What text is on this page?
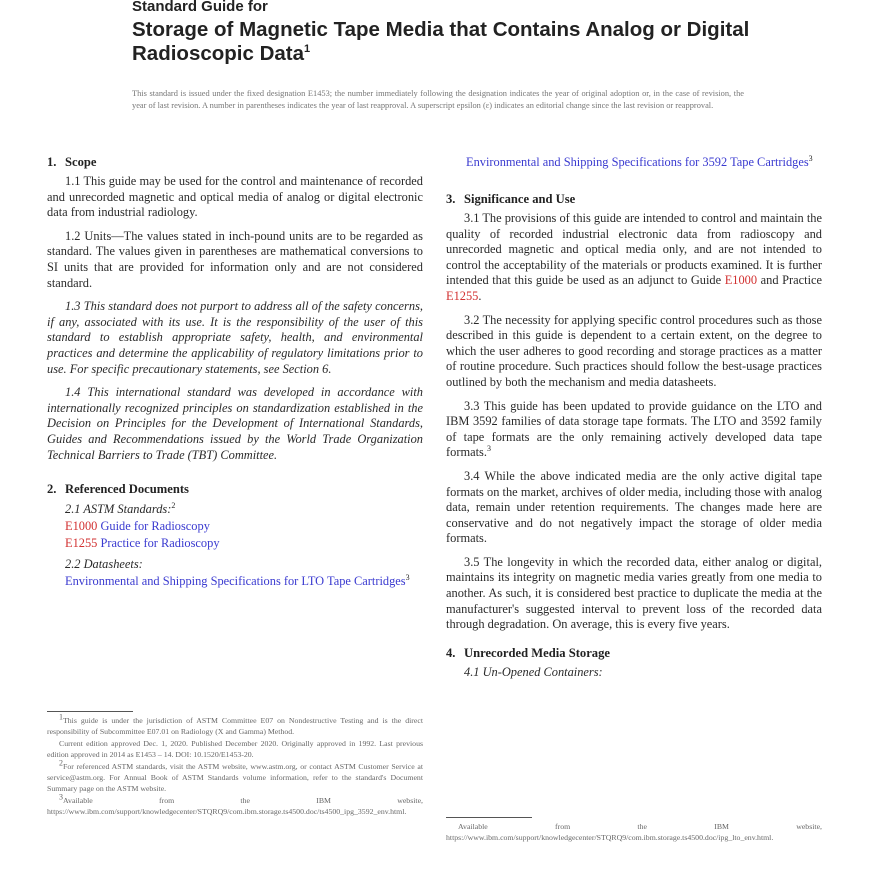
Standard Guide for

Storage of Magnetic Tape Media that Contains Analog or Digital Radioscopic Data$^1$

This standard is issued under the fixed designation E1453; the number immediately following the designation indicates the year of original adoption or, in the case of revision, the year of last revision. A number in parentheses indicates the year of last reapproval. A superscript epsilon (ε) indicates an editorial change since the last revision or reapproval.

1. Scope

1.1 This guide may be used for the control and maintenance of recorded and unrecorded magnetic and optical media of analog or digital electronic data from industrial radiology.

1.2 Units—The values stated in inch-pound units are to be regarded as standard. The values given in parentheses are mathematical conversions to SI units that are provided for information only and are not considered standard.

1.3 This standard does not purport to address all of the safety concerns, if any, associated with its use. It is the responsibility of the user of this standard to establish appropriate safety, health, and environmental practices and determine the applicability of regulatory limitations prior to use. For specific precautionary statements, see Section 6.

1.4 This international standard was developed in accordance with internationally recognized principles on standardization established in the Decision on Principles for the Development of International Standards, Guides and Recommendations issued by the World Trade Organization Technical Barriers to Trade (TBT) Committee.

2. Referenced Documents

2.1 ASTM Standards:$^2$

E1000 Guide for Radioscopy

E1255 Practice for Radioscopy

2.2 Datasheets:

Environmental and Shipping Specifications for LTO Tape Cartridges$^3$

Environmental and Shipping Specifications for 3592 Tape Cartridges$^3$

3. Significance and Use

3.1 The provisions of this guide are intended to control and maintain the quality of recorded industrial electronic data from radioscopy and unrecorded magnetic and optical media only, and are not intended to control the acceptability of the materials or products examined. It is further intended that this guide be used as an adjunct to Guide E1000 and Practice E1255.

3.2 The necessity for applying specific control procedures such as those described in this guide is dependent to a certain extent, on the degree to which the user adheres to good recording and storage practices as a matter of routine procedure. Such practices should follow the best-usage practices outlined by both the mechanism and media datasheets.

3.3 This guide has been updated to provide guidance on the LTO and IBM 3592 families of data storage tape formats. The LTO and 3592 family of tape formats are the only remaining actively developed data tape formats.$^3$

3.4 While the above indicated media are the only active digital tape formats on the market, archives of older media, including those with analog data, remain under retention requirements. The changes made here are conservative and do not negatively impact the storage of older media formats.

3.5 The longevity in which the recorded data, either analog or digital, maintains its integrity on magnetic media varies greatly from one media to another. As such, it is considered best practice to duplicate the media at the manufacturer's suggested interval to prevent loss of the recorded data through degradation. On average, this is every five years.

4. Unrecorded Media Storage

4.1 Un-Opened Containers:

$^1$This guide is under the jurisdiction of ASTM Committee E07 on Nondestructive Testing and is the direct responsibility of Subcommittee E07.01 on Radiology (X and Gamma) Method.

Current edition approved Dec. 1, 2020. Published December 2020. Originally approved in 1992. Last previous edition approved in 2014 as E1453 – 14. DOI: 10.1520/E1453-20.

$^2$For referenced ASTM standards, visit the ASTM website, www.astm.org, or contact ASTM Customer Service at service@astm.org. For Annual Book of ASTM Standards volume information, refer to the standard's Document Summary page on the ASTM website.

$^3$Available from the IBM website, https://www.ibm.com/support/knowledgecenter/STQRQ9/com.ibm.storage.ts4500.doc/ts4500_ipg_3592_env.html.

Available from the IBM website, https://www.ibm.com/support/knowledgecenter/STQRQ9/com.ibm.storage.ts4500.doc/ipg_lto_env.html.
